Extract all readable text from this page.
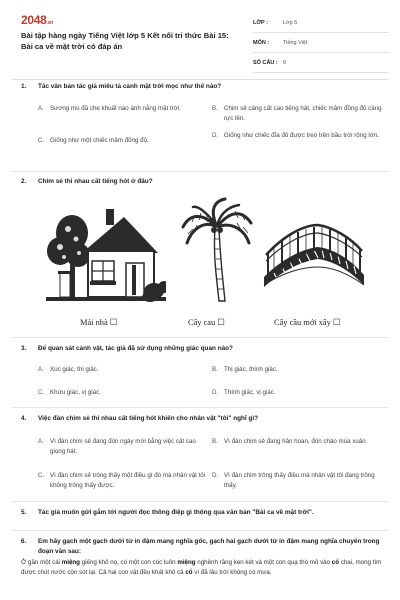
2048.vn
Bài tập hàng ngày Tiếng Việt lớp 5 Kết nối tri thức Bài 15: Bài ca về mặt trời có đáp án
LỚP :	Lớp 5
MÔN :	Tiếng Việt
SỐ CÂU : 9
1.	Tác vân bản tác giả miêu tả cảnh mặt trời mọc như thế nào?
A. Sương mù đã che khuất nào ánh nắng mặt trời.	B. Chim sẻ càng cất cao tiếng hát, chiếc mâm đồng đỏ càng rực lên.
C. Giống như một chiếc mâm đồng đỏ.
D. Giống như chiếc đĩa đỏ được treo trên bầu trời rộng lớn.
2.	Chim sẻ thi nhau cất tiếng hót ở đâu?
Mái nhà ☐	Cây cau ☐	Cây cầu mới xây ☐
3.	Để quan sát cảnh vật, tác giả đã sử dụng những giác quan nào?
A. Xúc giác, thị giác.	B. Thị giác, thính giác.
C. Khứu giác, vị giác.	D. Thính giác, vị giác.
4.	Việc đàn chim sẻ thi nhau cất tiếng hót khiến cho nhân vật "tôi" nghĩ gì?
A. Vì đàn chim sẻ đang đón ngày mới bằng việc cất cao giọng hát.
B. Vì đàn chim sẻ đang hân hoan, đón chào mùa xuân.
C. Vì đàn chim sẻ trông thấy một điều gì đó mà nhân vật tôi không trông thấy được.
D. Vì đàn chim trông thấy điều mà nhân vật tôi đang trông thấy.
5.	Tác giả muốn gửi gắm tới người đọc thông điệp gì thông qua văn bản "Bài ca về mặt trời".
6.	Em hãy gạch một gạch dưới từ in đậm mang nghĩa gốc, gạch hai gạch dưới từ in đậm mang nghĩa chuyển trong đoạn văn sau:
Ở gần một cái miệng giếng khô nọ, có một con cóc luôn miệng nghênh răng ken két và một con quạ thò mỏ vào cổ chai, mong tìm được chút nước còn sót lại. Cả hai con vật đều khát khô cả cổ vì đã lâu trời không có mưa.
